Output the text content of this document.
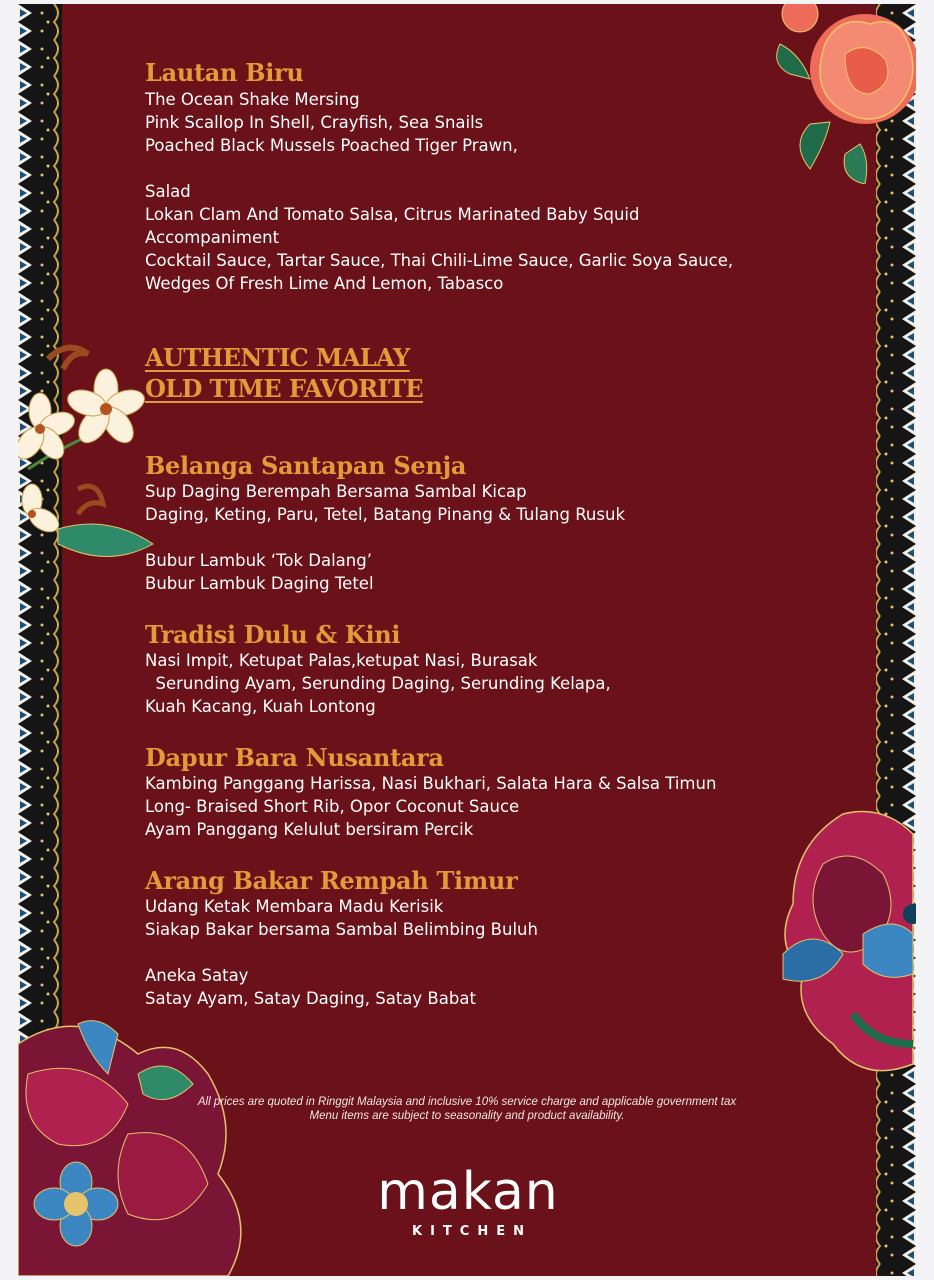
Lautan Biru
The Ocean Shake Mersing
Pink Scallop In Shell, Crayfish, Sea Snails
Poached Black Mussels Poached Tiger Prawn,
Salad
Lokan Clam And Tomato Salsa, Citrus Marinated Baby Squid
Accompaniment
Cocktail Sauce, Tartar Sauce, Thai Chili-Lime Sauce, Garlic Soya Sauce,
Wedges Of Fresh Lime And Lemon, Tabasco
AUTHENTIC MALAY
OLD TIME FAVORITE
Belanga Santapan Senja
Sup Daging Berempah Bersama Sambal Kicap
Daging, Keting, Paru, Tetel, Batang Pinang & Tulang Rusuk
Bubur Lambuk ‘Tok Dalang’
Bubur Lambuk Daging Tetel
Tradisi Dulu & Kini
Nasi Impit, Ketupat Palas,ketupat Nasi, Burasak
Serunding Ayam, Serunding Daging, Serunding Kelapa,
Kuah Kacang, Kuah Lontong
Dapur Bara Nusantara
Kambing Panggang Harissa, Nasi Bukhari, Salata Hara & Salsa Timun
Long- Braised Short Rib, Opor Coconut Sauce
Ayam Panggang Kelulut bersiram Percik
Arang Bakar Rempah Timur
Udang Ketak Membara Madu Kerisik
Siakap Bakar bersama Sambal Belimbing Buluh
Aneka Satay
Satay Ayam, Satay Daging, Satay Babat
All prices are quoted in Ringgit Malaysia and inclusive 10% service charge and applicable government tax
Menu items are subject to seasonality and product availability.
makan
KITCHEN
